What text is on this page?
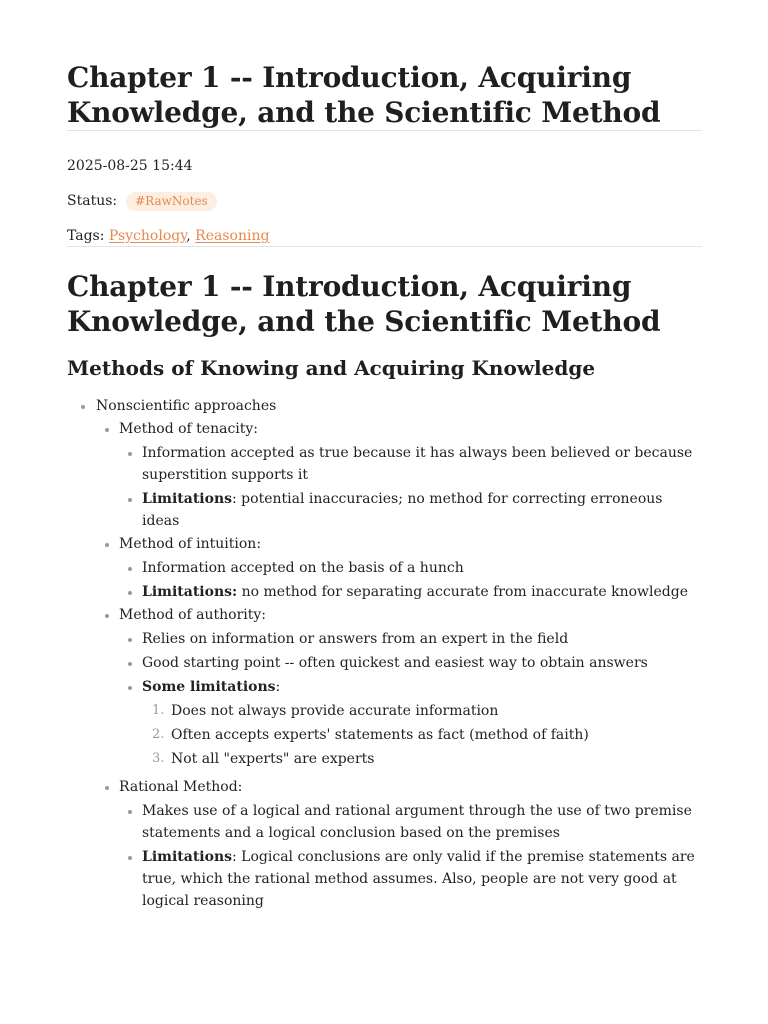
Chapter 1 -- Introduction, Acquiring Knowledge, and the Scientific Method
2025-08-25 15:44
Status:	#RawNotes
Tags: Psychology, Reasoning
Chapter 1 -- Introduction, Acquiring Knowledge, and the Scientific Method
Methods of Knowing and Acquiring Knowledge
Nonscientific approaches
Method of tenacity:
Information accepted as true because it has always been believed or because superstition supports it
Limitations: potential inaccuracies; no method for correcting erroneous ideas
Method of intuition:
Information accepted on the basis of a hunch
Limitations: no method for separating accurate from inaccurate knowledge
Method of authority:
Relies on information or answers from an expert in the field
Good starting point -- often quickest and easiest way to obtain answers
Some limitations:
1. Does not always provide accurate information
2. Often accepts experts' statements as fact (method of faith)
3. Not all "experts" are experts
Rational Method:
Makes use of a logical and rational argument through the use of two premise statements and a logical conclusion based on the premises
Limitations: Logical conclusions are only valid if the premise statements are true, which the rational method assumes. Also, people are not very good at logical reasoning
